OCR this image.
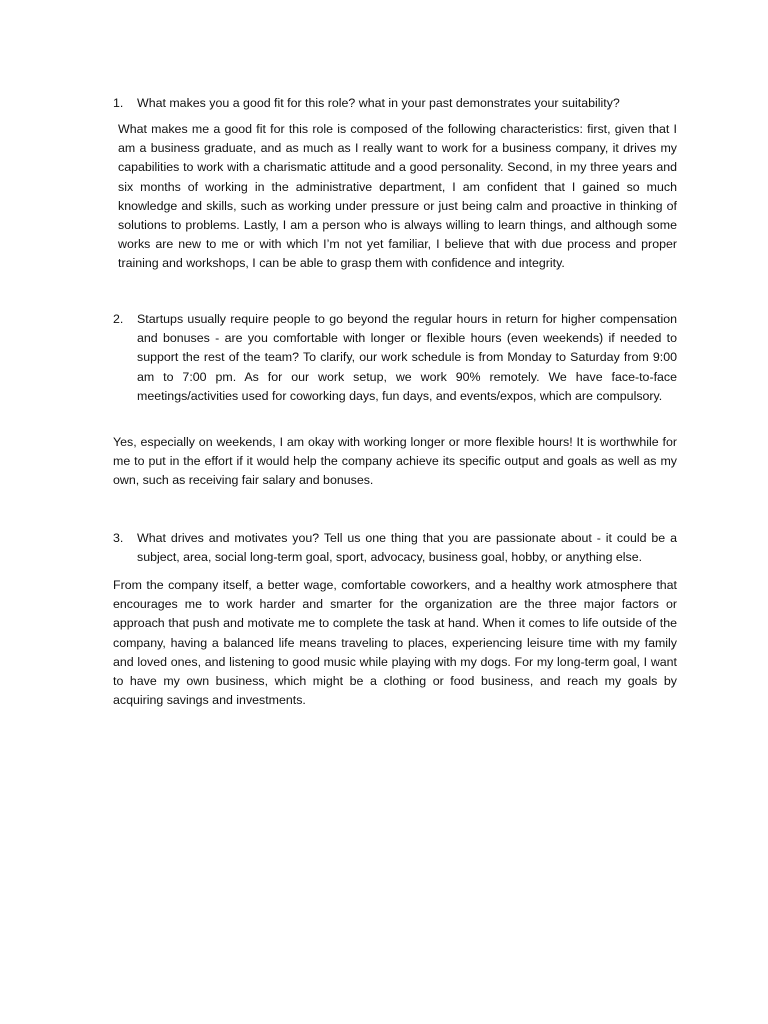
1. What makes you a good fit for this role? what in your past demonstrates your suitability?

What makes me a good fit for this role is composed of the following characteristics: first, given that I am a business graduate, and as much as I really want to work for a business company, it drives my capabilities to work with a charismatic attitude and a good personality. Second, in my three years and six months of working in the administrative department, I am confident that I gained so much knowledge and skills, such as working under pressure or just being calm and proactive in thinking of solutions to problems. Lastly, I am a person who is always willing to learn things, and although some works are new to me or with which I’m not yet familiar, I believe that with due process and proper training and workshops, I can be able to grasp them with confidence and integrity.

2. Startups usually require people to go beyond the regular hours in return for higher compensation and bonuses - are you comfortable with longer or flexible hours (even weekends) if needed to support the rest of the team? To clarify, our work schedule is from Monday to Saturday from 9:00 am to 7:00 pm. As for our work setup, we work 90% remotely. We have face-to-face meetings/activities used for coworking days, fun days, and events/expos, which are compulsory.

Yes, especially on weekends, I am okay with working longer or more flexible hours! It is worthwhile for me to put in the effort if it would help the company achieve its specific output and goals as well as my own, such as receiving fair salary and bonuses.

3. What drives and motivates you? Tell us one thing that you are passionate about - it could be a subject, area, social long-term goal, sport, advocacy, business goal, hobby, or anything else.

From the company itself, a better wage, comfortable coworkers, and a healthy work atmosphere that encourages me to work harder and smarter for the organization are the three major factors or approach that push and motivate me to complete the task at hand. When it comes to life outside of the company, having a balanced life means traveling to places, experiencing leisure time with my family and loved ones, and listening to good music while playing with my dogs. For my long-term goal, I want to have my own business, which might be a clothing or food business, and reach my goals by acquiring savings and investments.
